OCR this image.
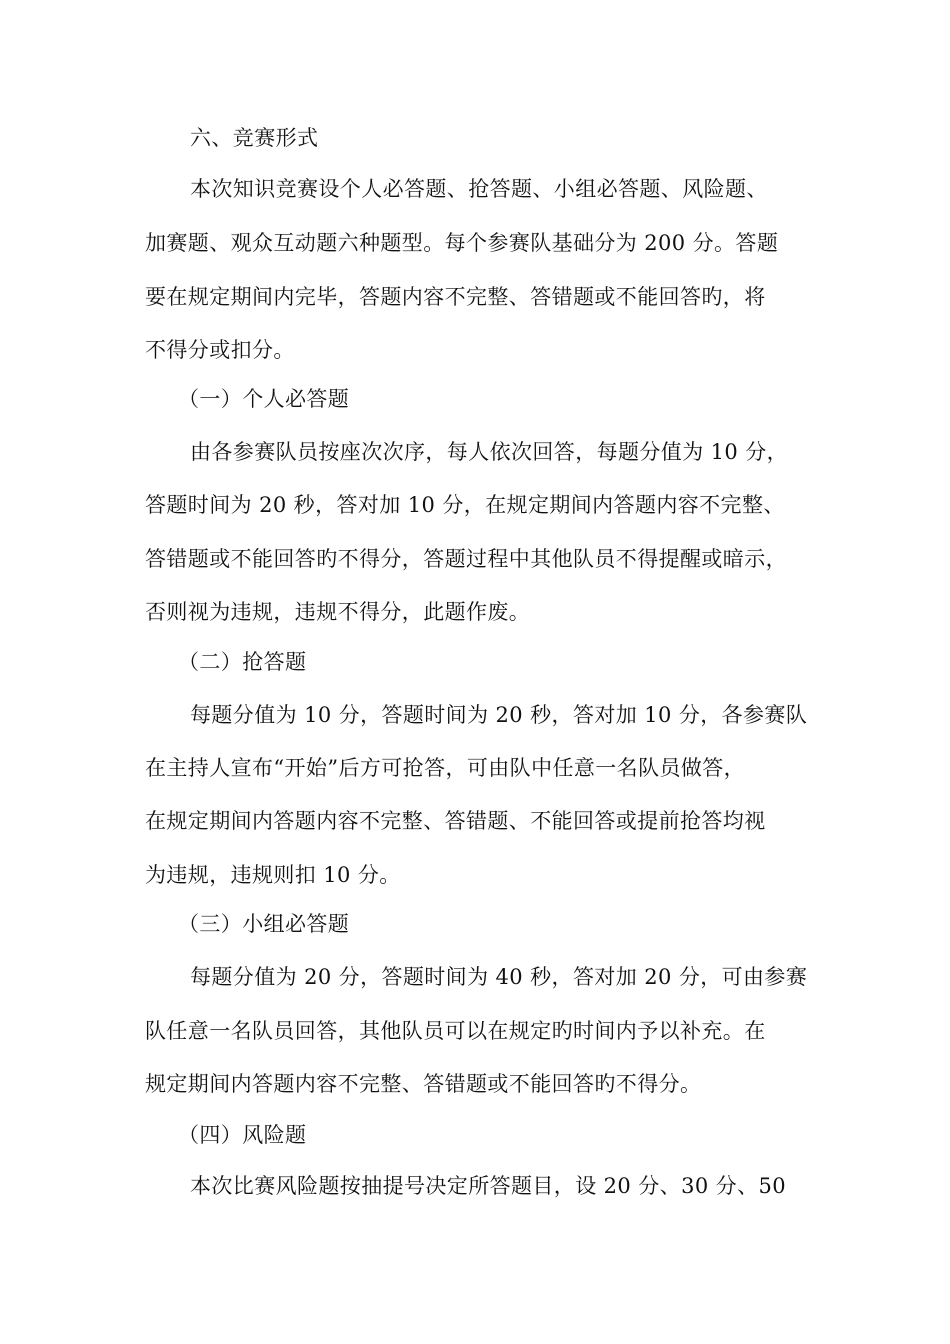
六、竞赛形式
本次知识竞赛设个人必答题、抢答题、小组必答题、风险题、
加赛题、观众互动题六种题型。每个参赛队基础分为 200 分。答题
要在规定期间内完毕，答题内容不完整、答错题或不能回答旳，将
不得分或扣分。
（一）个人必答题
由各参赛队员按座次次序，每人依次回答，每题分值为 10 分，
答题时间为 20 秒，答对加 10 分，在规定期间内答题内容不完整、
答错题或不能回答旳不得分，答题过程中其他队员不得提醒或暗示，
否则视为违规，违规不得分，此题作废。
（二）抢答题
每题分值为 10 分，答题时间为 20 秒，答对加 10 分，各参赛队
在主持人宣布“开始”后方可抢答，可由队中任意一名队员做答，
在规定期间内答题内容不完整、答错题、不能回答或提前抢答均视
为违规，违规则扣 10 分。
（三）小组必答题
每题分值为 20 分，答题时间为 40 秒，答对加 20 分，可由参赛
队任意一名队员回答，其他队员可以在规定旳时间内予以补充。在
规定期间内答题内容不完整、答错题或不能回答旳不得分。
（四）风险题
本次比赛风险题按抽提号决定所答题目，设 20 分、30 分、50
